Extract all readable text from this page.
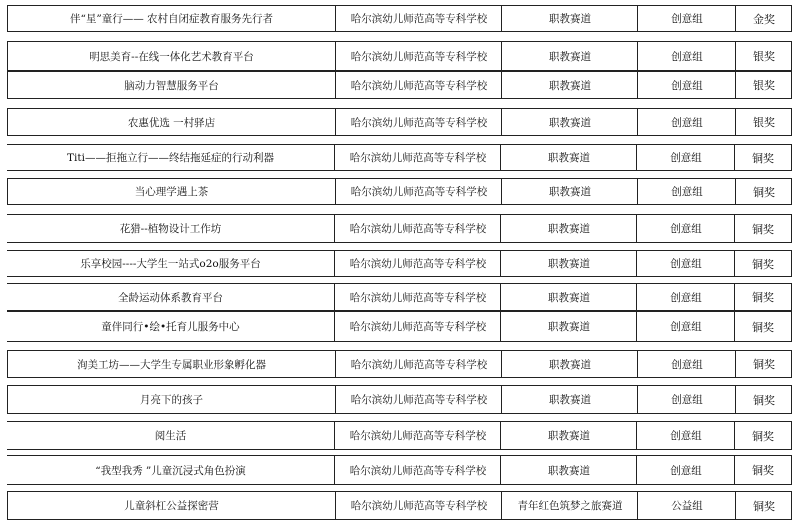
伴“星”童行—— 农村自闭症教育服务先行者	哈尔滨幼儿师范高等专科学校	职教赛道	创意组	金奖
明思美育--在线一体化艺术教育平台	哈尔滨幼儿师范高等专科学校	职教赛道	创意组	银奖
脑动力智慧服务平台	哈尔滨幼儿师范高等专科学校	职教赛道	创意组	银奖
农惠优选 一村驿店	哈尔滨幼儿师范高等专科学校	职教赛道	创意组	银奖
Titi——拒拖立行——终结拖延症的行动利器	哈尔滨幼儿师范高等专科学校	职教赛道	创意组	铜奖
当心理学遇上茶	哈尔滨幼儿师范高等专科学校	职教赛道	创意组	铜奖
花猎--植物设计工作坊	哈尔滨幼儿师范高等专科学校	职教赛道	创意组	铜奖
乐享校园----大学生一站式o2o服务平台	哈尔滨幼儿师范高等专科学校	职教赛道	创意组	铜奖
全龄运动体系教育平台	哈尔滨幼儿师范高等专科学校	职教赛道	创意组	铜奖
童伴同行•绘•托育儿服务中心	哈尔滨幼儿师范高等专科学校	职教赛道	创意组	铜奖
洵美工坊——大学生专属职业形象孵化器	哈尔滨幼儿师范高等专科学校	职教赛道	创意组	铜奖
月亮下的孩子	哈尔滨幼儿师范高等专科学校	职教赛道	创意组	铜奖
阅生活	哈尔滨幼儿师范高等专科学校	职教赛道	创意组	铜奖
“我型我秀 ”儿童沉浸式角色扮演	哈尔滨幼儿师范高等专科学校	职教赛道	创意组	铜奖
儿童斜杠公益探密营	哈尔滨幼儿师范高等专科学校	青年红色筑梦之旅赛道	公益组	铜奖
